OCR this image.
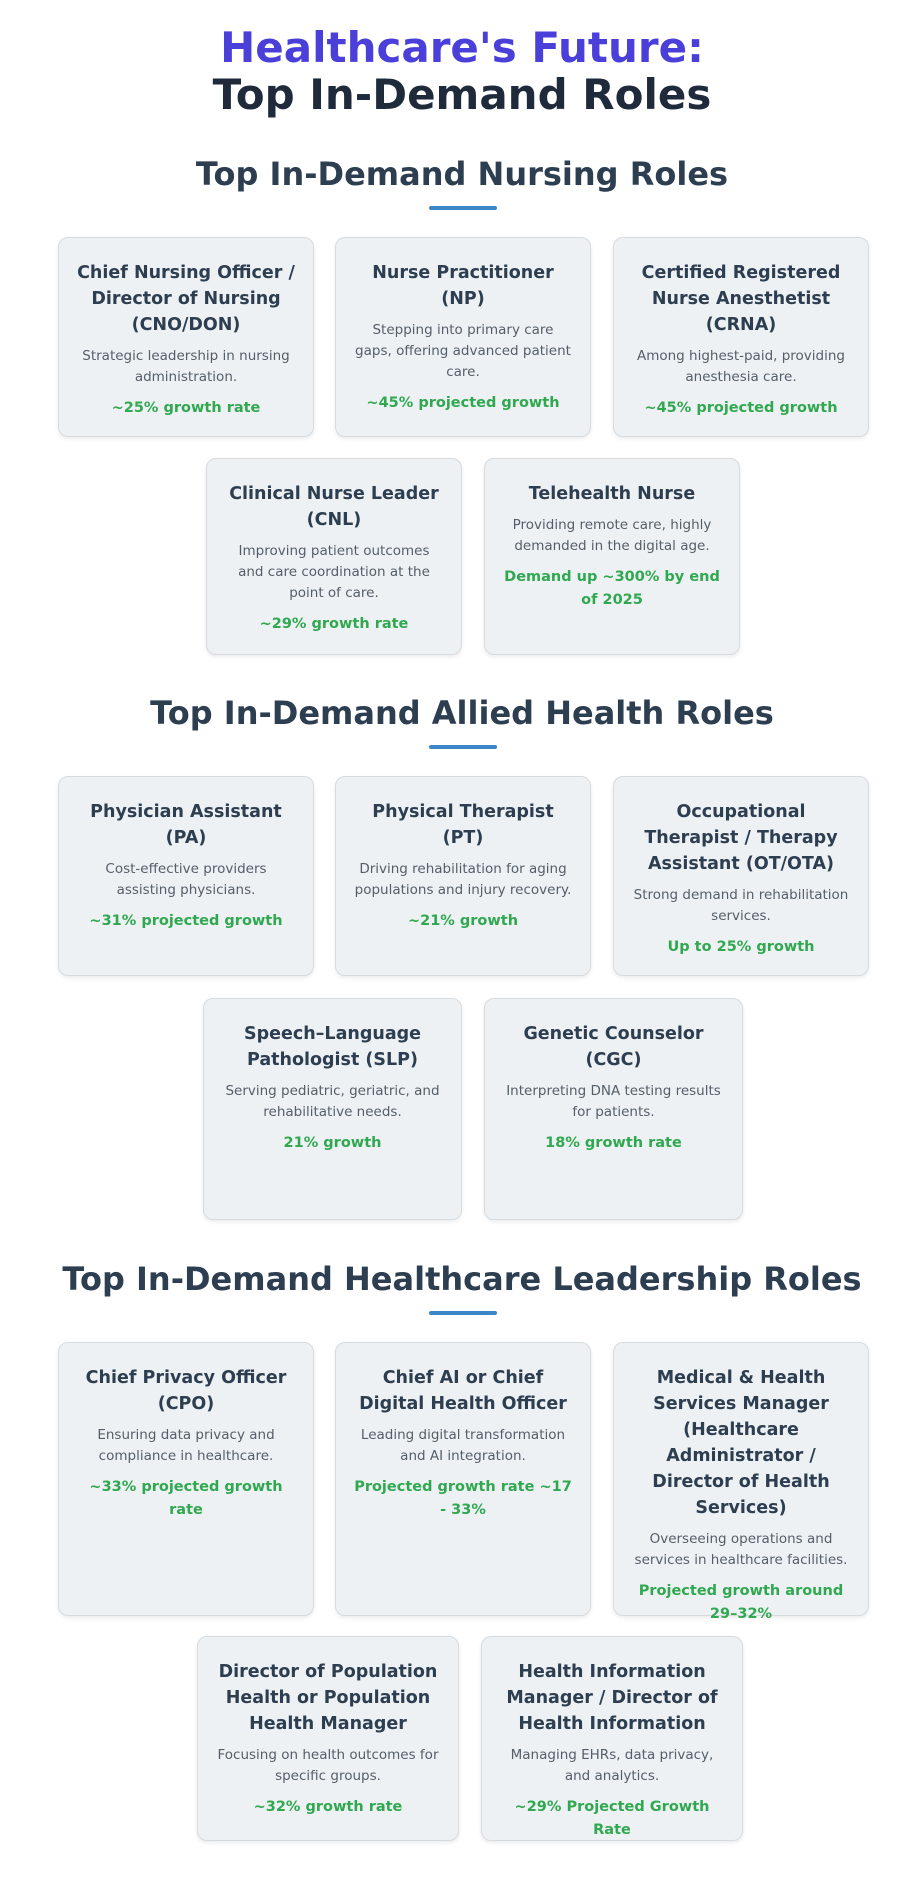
Healthcare's Future:
Top In-Demand Roles
Top In-Demand Nursing Roles
Chief Nursing Officer / Director of Nursing (CNO/DON)
Strategic leadership in nursing administration.
~25% growth rate
Nurse Practitioner (NP)
Stepping into primary care gaps, offering advanced patient care.
~45% projected growth
Certified Registered Nurse Anesthetist (CRNA)
Among highest-paid, providing anesthesia care.
~45% projected growth
Clinical Nurse Leader (CNL)
Improving patient outcomes and care coordination at the point of care.
~29% growth rate
Telehealth Nurse
Providing remote care, highly demanded in the digital age.
Demand up ~300% by end of 2025
Top In-Demand Allied Health Roles
Physician Assistant (PA)
Cost-effective providers assisting physicians.
~31% projected growth
Physical Therapist (PT)
Driving rehabilitation for aging populations and injury recovery.
~21% growth
Occupational Therapist / Therapy Assistant (OT/OTA)
Strong demand in rehabilitation services.
Up to 25% growth
Speech–Language Pathologist (SLP)
Serving pediatric, geriatric, and rehabilitative needs.
21% growth
Genetic Counselor (CGC)
Interpreting DNA testing results for patients.
18% growth rate
Top In-Demand Healthcare Leadership Roles
Chief Privacy Officer (CPO)
Ensuring data privacy and compliance in healthcare.
~33% projected growth rate
Chief AI or Chief Digital Health Officer
Leading digital transformation and AI integration.
Projected growth rate ~17 - 33%
Medical & Health Services Manager (Healthcare Administrator / Director of Health Services)
Overseeing operations and services in healthcare facilities.
Projected growth around 29–32%
Director of Population Health or Population Health Manager
Focusing on health outcomes for specific groups.
~32% growth rate
Health Information Manager / Director of Health Information
Managing EHRs, data privacy, and analytics.
~29% Projected Growth Rate
